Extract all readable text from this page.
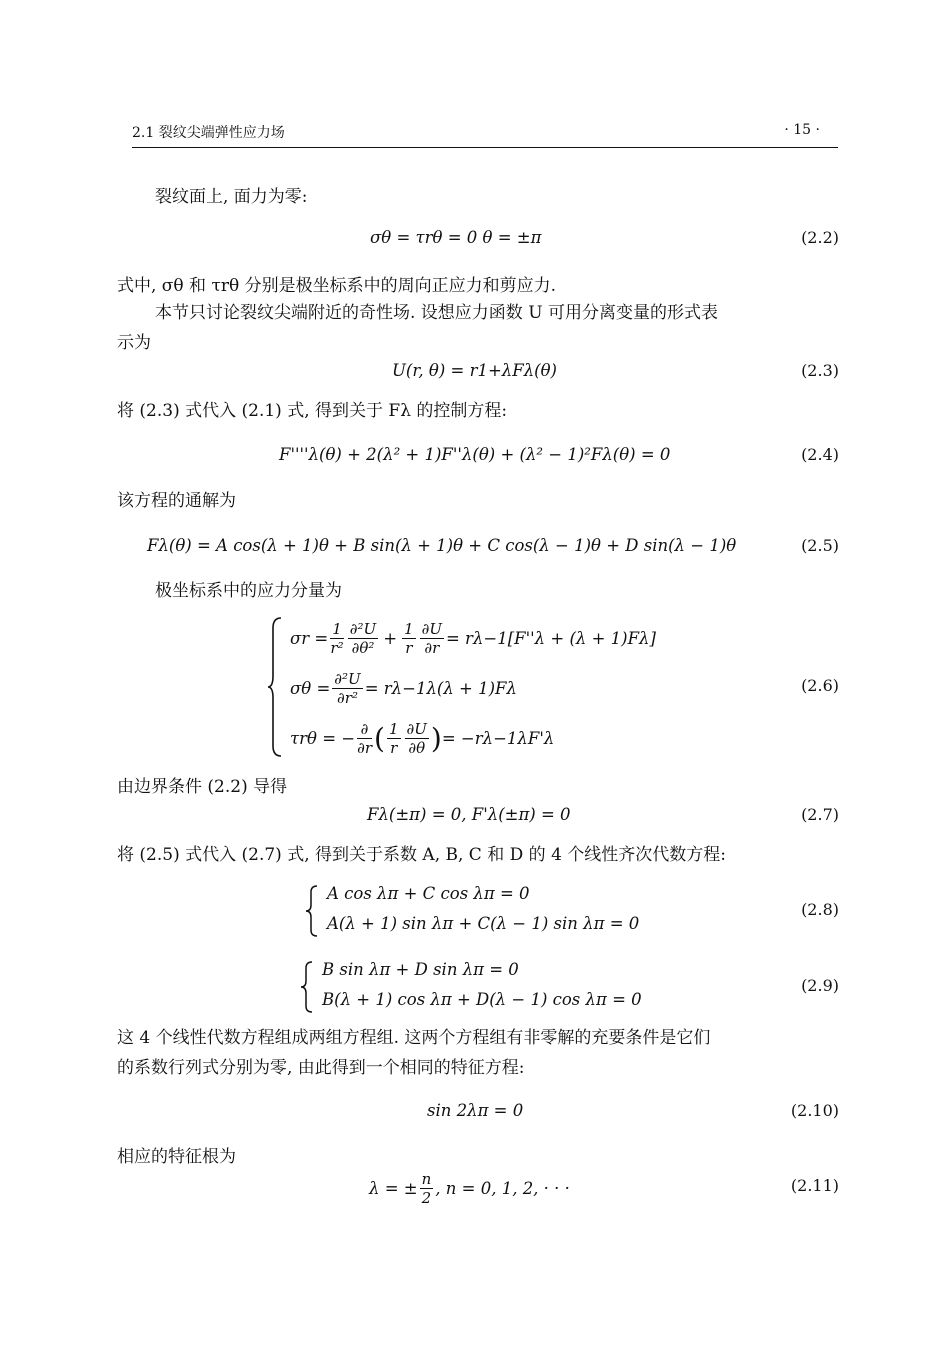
2.1 裂纹尖端弹性应力场	· 15 ·
裂纹面上, 面力为零:
σθ = τrθ = 0 θ = ±π	(2.2)
式中, σθ 和 τrθ 分别是极坐标系中的周向正应力和剪应力.
本节只讨论裂纹尖端附近的奇性场. 设想应力函数 U 可用分离变量的形式表
示为
U(r, θ) = r1+λFλ(θ)	(2.3)
将 (2.3) 式代入 (2.1) 式, 得到关于 Fλ 的控制方程:
F''''λ(θ) + 2(λ² + 1)F''λ(θ) + (λ² − 1)²Fλ(θ) = 0	(2.4)
该方程的通解为
Fλ(θ) = A cos(λ + 1)θ + B sin(λ + 1)θ + C cos(λ − 1)θ + D sin(λ − 1)θ	(2.5)
极坐标系中的应力分量为
$\sigma r = \frac{1}{\text{r²}} \frac{\text{∂²U}}{\text{∂θ²}} + \frac{1}{r} \frac{\partial U}{\partial r} = r\lambda-1[F''\lambda + (\lambda + 1)F\lambda]$
$\sigma\theta = \frac{\text{∂²U}}{\text{∂r²}} = r\lambda-1\lambda(\lambda + 1)F\lambda$
τrθ = − $\frac{\partial}{\partial r}$ ( $\frac{1}{r} \frac{\partial U}{\partial\theta}$ ) = −rλ−1λF'λ
(2.6)
由边界条件 (2.2) 导得
Fλ(±π) = 0, F'λ(±π) = 0	(2.7)
将 (2.5) 式代入 (2.7) 式, 得到关于系数 A, B, C 和 D 的 4 个线性齐次代数方程:
A cos λπ + C cos λπ = 0
A(λ + 1) sin λπ + C(λ − 1) sin λπ = 0
(2.8)
B sin λπ + D sin λπ = 0
B(λ + 1) cos λπ + D(λ − 1) cos λπ = 0
(2.9)
这 4 个线性代数方程组成两组方程组. 这两个方程组有非零解的充要条件是它们
的系数行列式分别为零, 由此得到一个相同的特征方程:
sin 2λπ = 0	(2.10)
相应的特征根为
λ = ± $\frac{n}{2}$ , n = 0, 1, 2, · · ·	(2.11)
